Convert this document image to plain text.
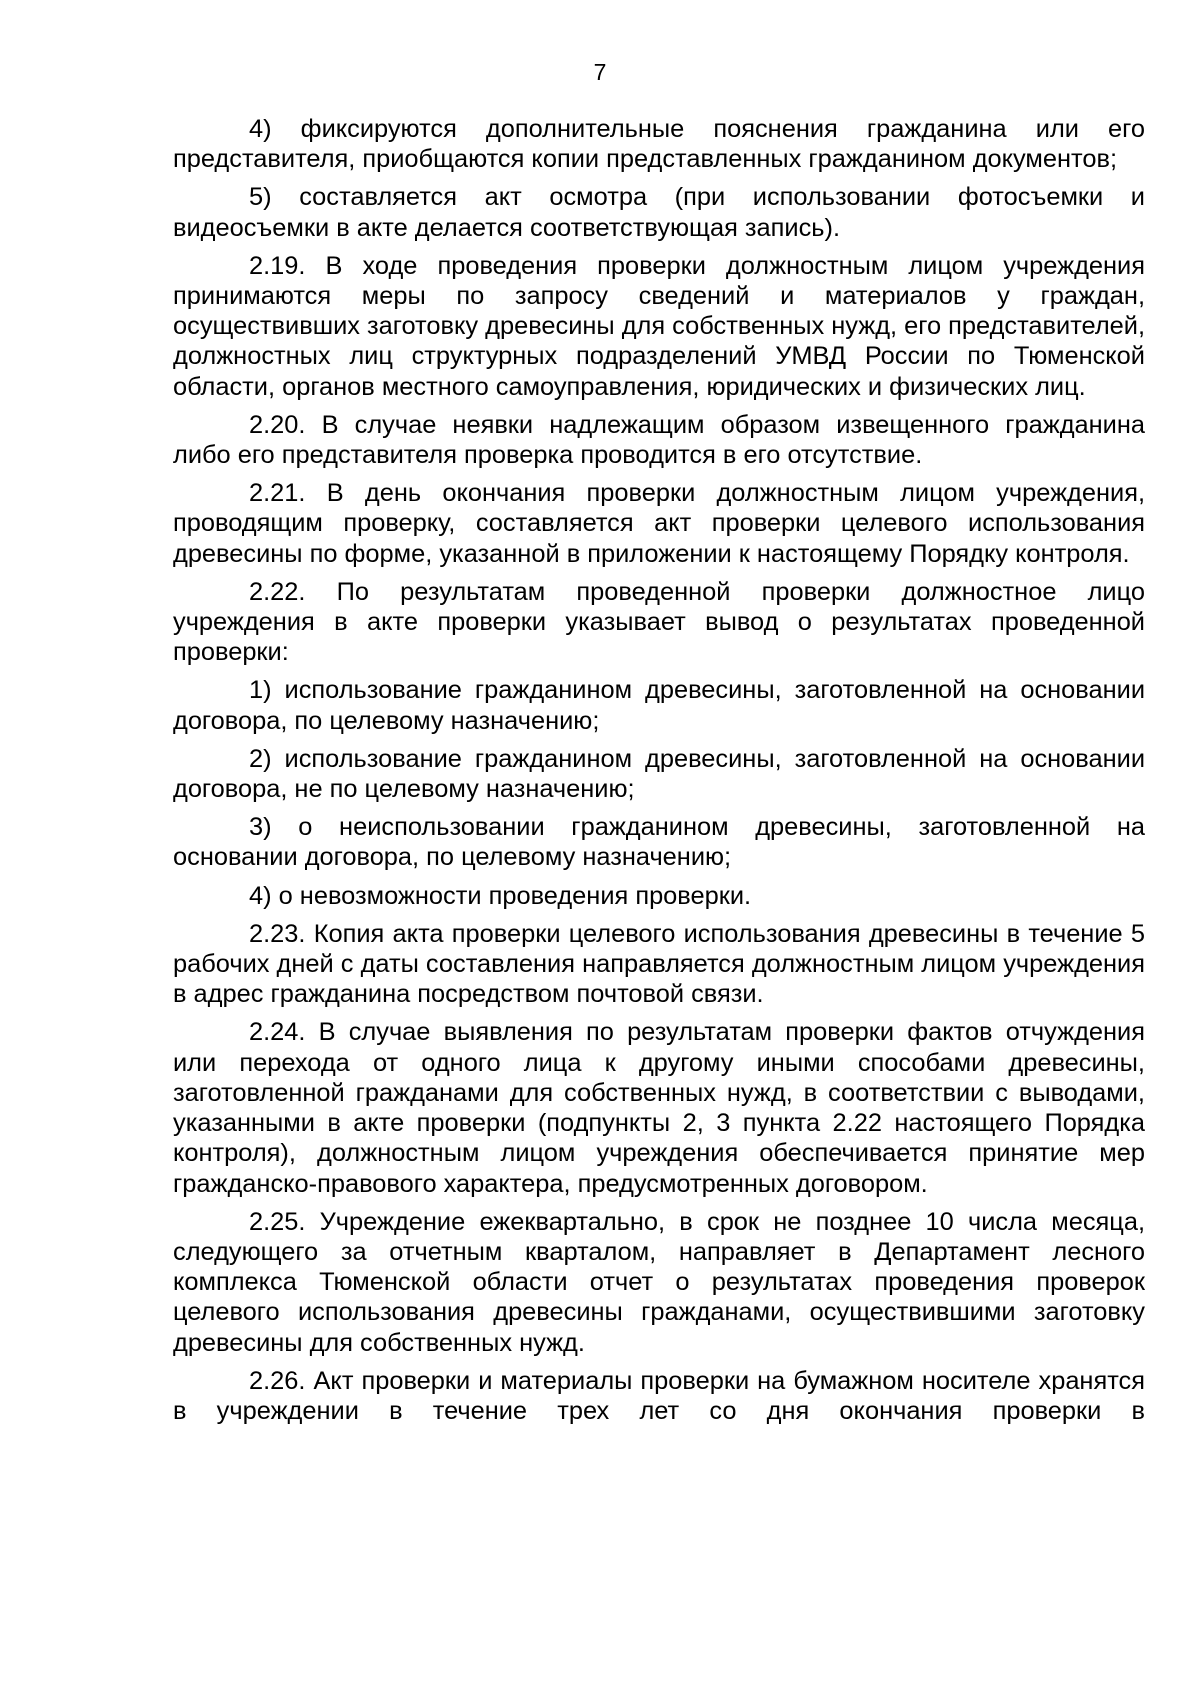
7

4) фиксируются дополнительные пояснения гражданина или его представителя, приобщаются копии представленных гражданином документов;

5) составляется акт осмотра (при использовании фотосъемки и видеосъемки в акте делается соответствующая запись).

2.19. В ходе проведения проверки должностным лицом учреждения принимаются меры по запросу сведений и материалов у граждан, осуществивших заготовку древесины для собственных нужд, его представителей, должностных лиц структурных подразделений УМВД России по Тюменской области, органов местного самоуправления, юридических и физических лиц.

2.20. В случае неявки надлежащим образом извещенного гражданина либо его представителя проверка проводится в его отсутствие.

2.21. В день окончания проверки должностным лицом учреждения, проводящим проверку, составляется акт проверки целевого использования древесины по форме, указанной в приложении к настоящему Порядку контроля.

2.22. По результатам проведенной проверки должностное лицо учреждения в акте проверки указывает вывод о результатах проведенной проверки:

1) использование гражданином древесины, заготовленной на основании договора, по целевому назначению;

2) использование гражданином древесины, заготовленной на основании договора, не по целевому назначению;

3) о неиспользовании гражданином древесины, заготовленной на основании договора, по целевому назначению;

4) о невозможности проведения проверки.

2.23. Копия акта проверки целевого использования древесины в течение 5 рабочих дней с даты составления направляется должностным лицом учреждения в адрес гражданина посредством почтовой связи.

2.24. В случае выявления по результатам проверки фактов отчуждения или перехода от одного лица к другому иными способами древесины, заготовленной гражданами для собственных нужд, в соответствии с выводами, указанными в акте проверки (подпункты 2, 3 пункта 2.22 настоящего Порядка контроля), должностным лицом учреждения обеспечивается принятие мер гражданско-правового характера, предусмотренных договором.

2.25. Учреждение ежеквартально, в срок не позднее 10 числа месяца, следующего за отчетным кварталом, направляет в Департамент лесного комплекса Тюменской области отчет о результатах проведения проверок целевого использования древесины гражданами, осуществившими заготовку древесины для собственных нужд.

2.26. Акт проверки и материалы проверки на бумажном носителе хранятся в учреждении в течение трех лет со дня окончания проверки в
